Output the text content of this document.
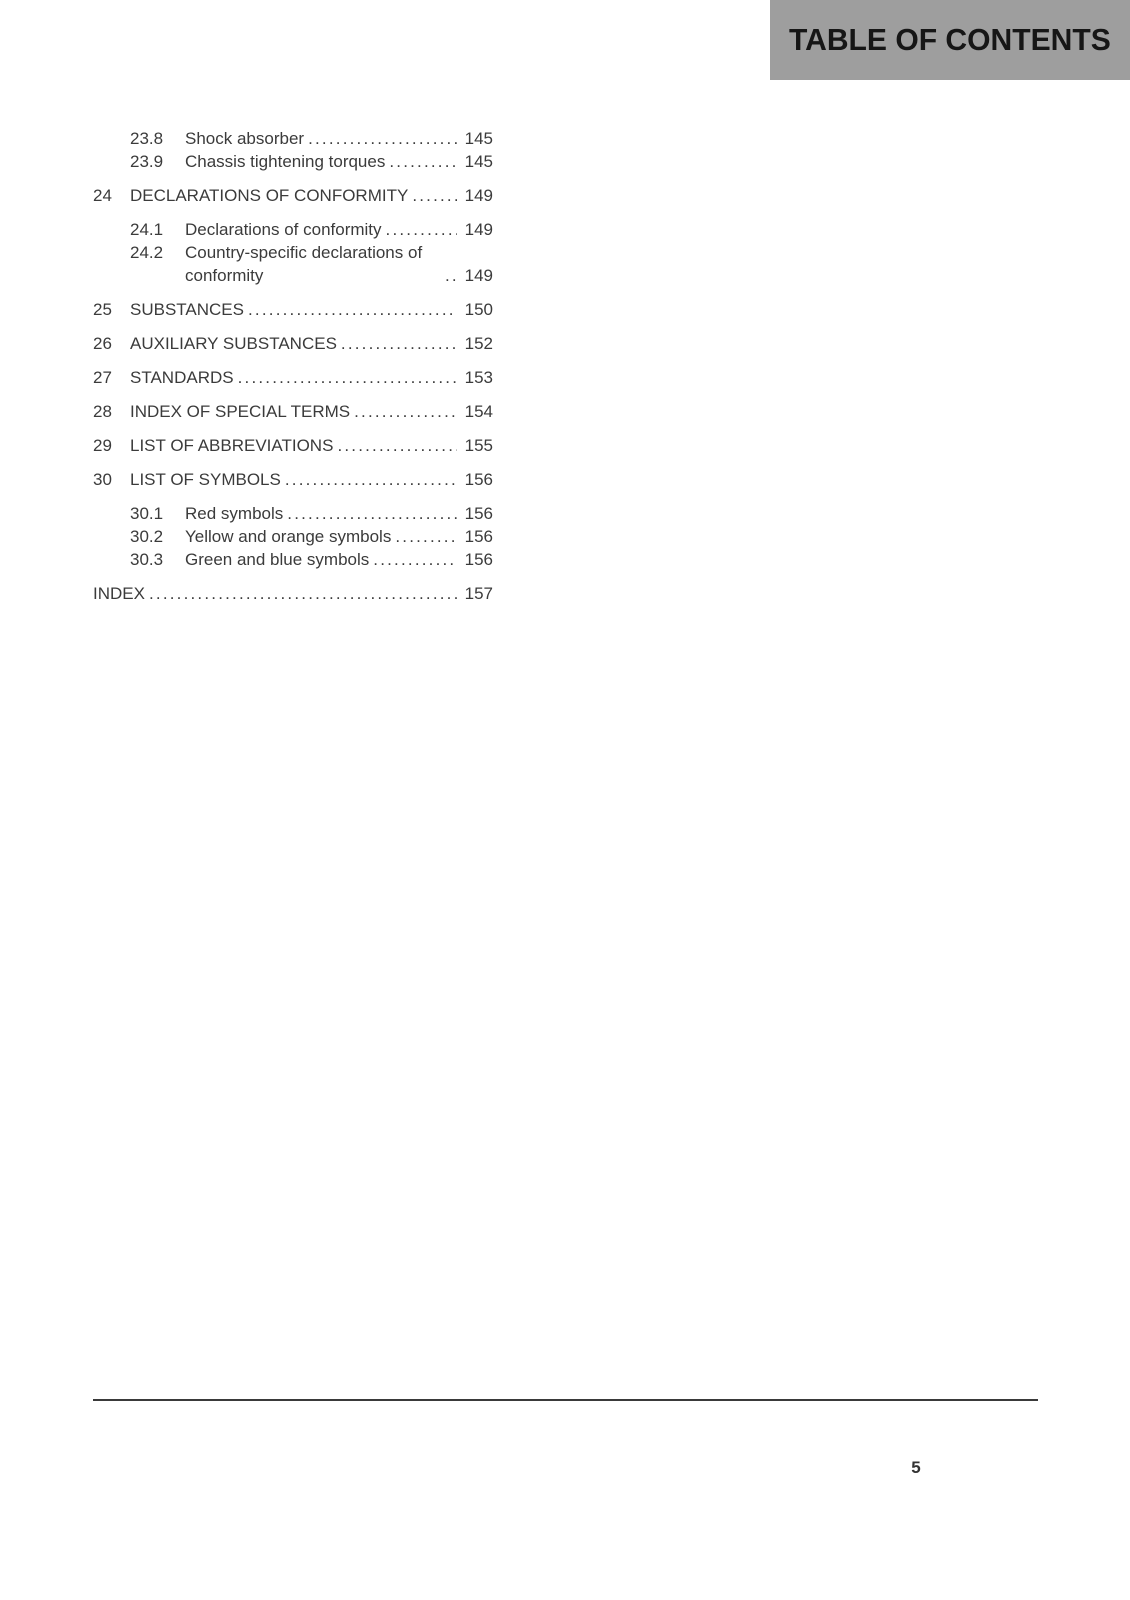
TABLE OF CONTENTS
23.8	Shock absorber .....	145
23.9	Chassis tightening torques .....	145
24	DECLARATIONS OF CONFORMITY .....	149
24.1	Declarations of conformity .....	149
24.2	Country-specific declarations of conformity .....	149
25	SUBSTANCES .....	150
26	AUXILIARY SUBSTANCES .....	152
27	STANDARDS .....	153
28	INDEX OF SPECIAL TERMS .....	154
29	LIST OF ABBREVIATIONS .....	155
30	LIST OF SYMBOLS .....	156
30.1	Red symbols .....	156
30.2	Yellow and orange symbols .....	156
30.3	Green and blue symbols .....	156
INDEX .....	157
5
